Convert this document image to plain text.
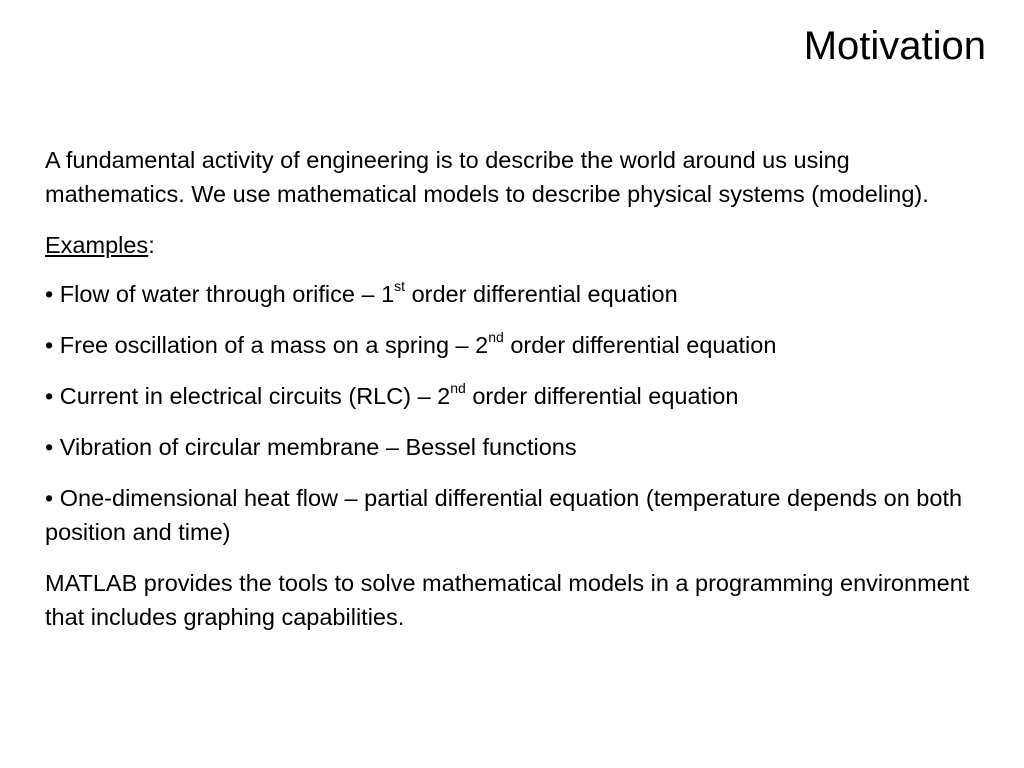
Motivation

A fundamental activity of engineering is to describe the world around us using mathematics. We use mathematical models to describe physical systems (modeling).

Examples:

• Flow of water through orifice – 1st order differential equation

• Free oscillation of a mass on a spring – 2nd order differential equation

• Current in electrical circuits (RLC) – 2nd order differential equation

• Vibration of circular membrane – Bessel functions

• One-dimensional heat flow – partial differential equation (temperature depends on both position and time)

MATLAB provides the tools to solve mathematical models in a programming environment that includes graphing capabilities.
